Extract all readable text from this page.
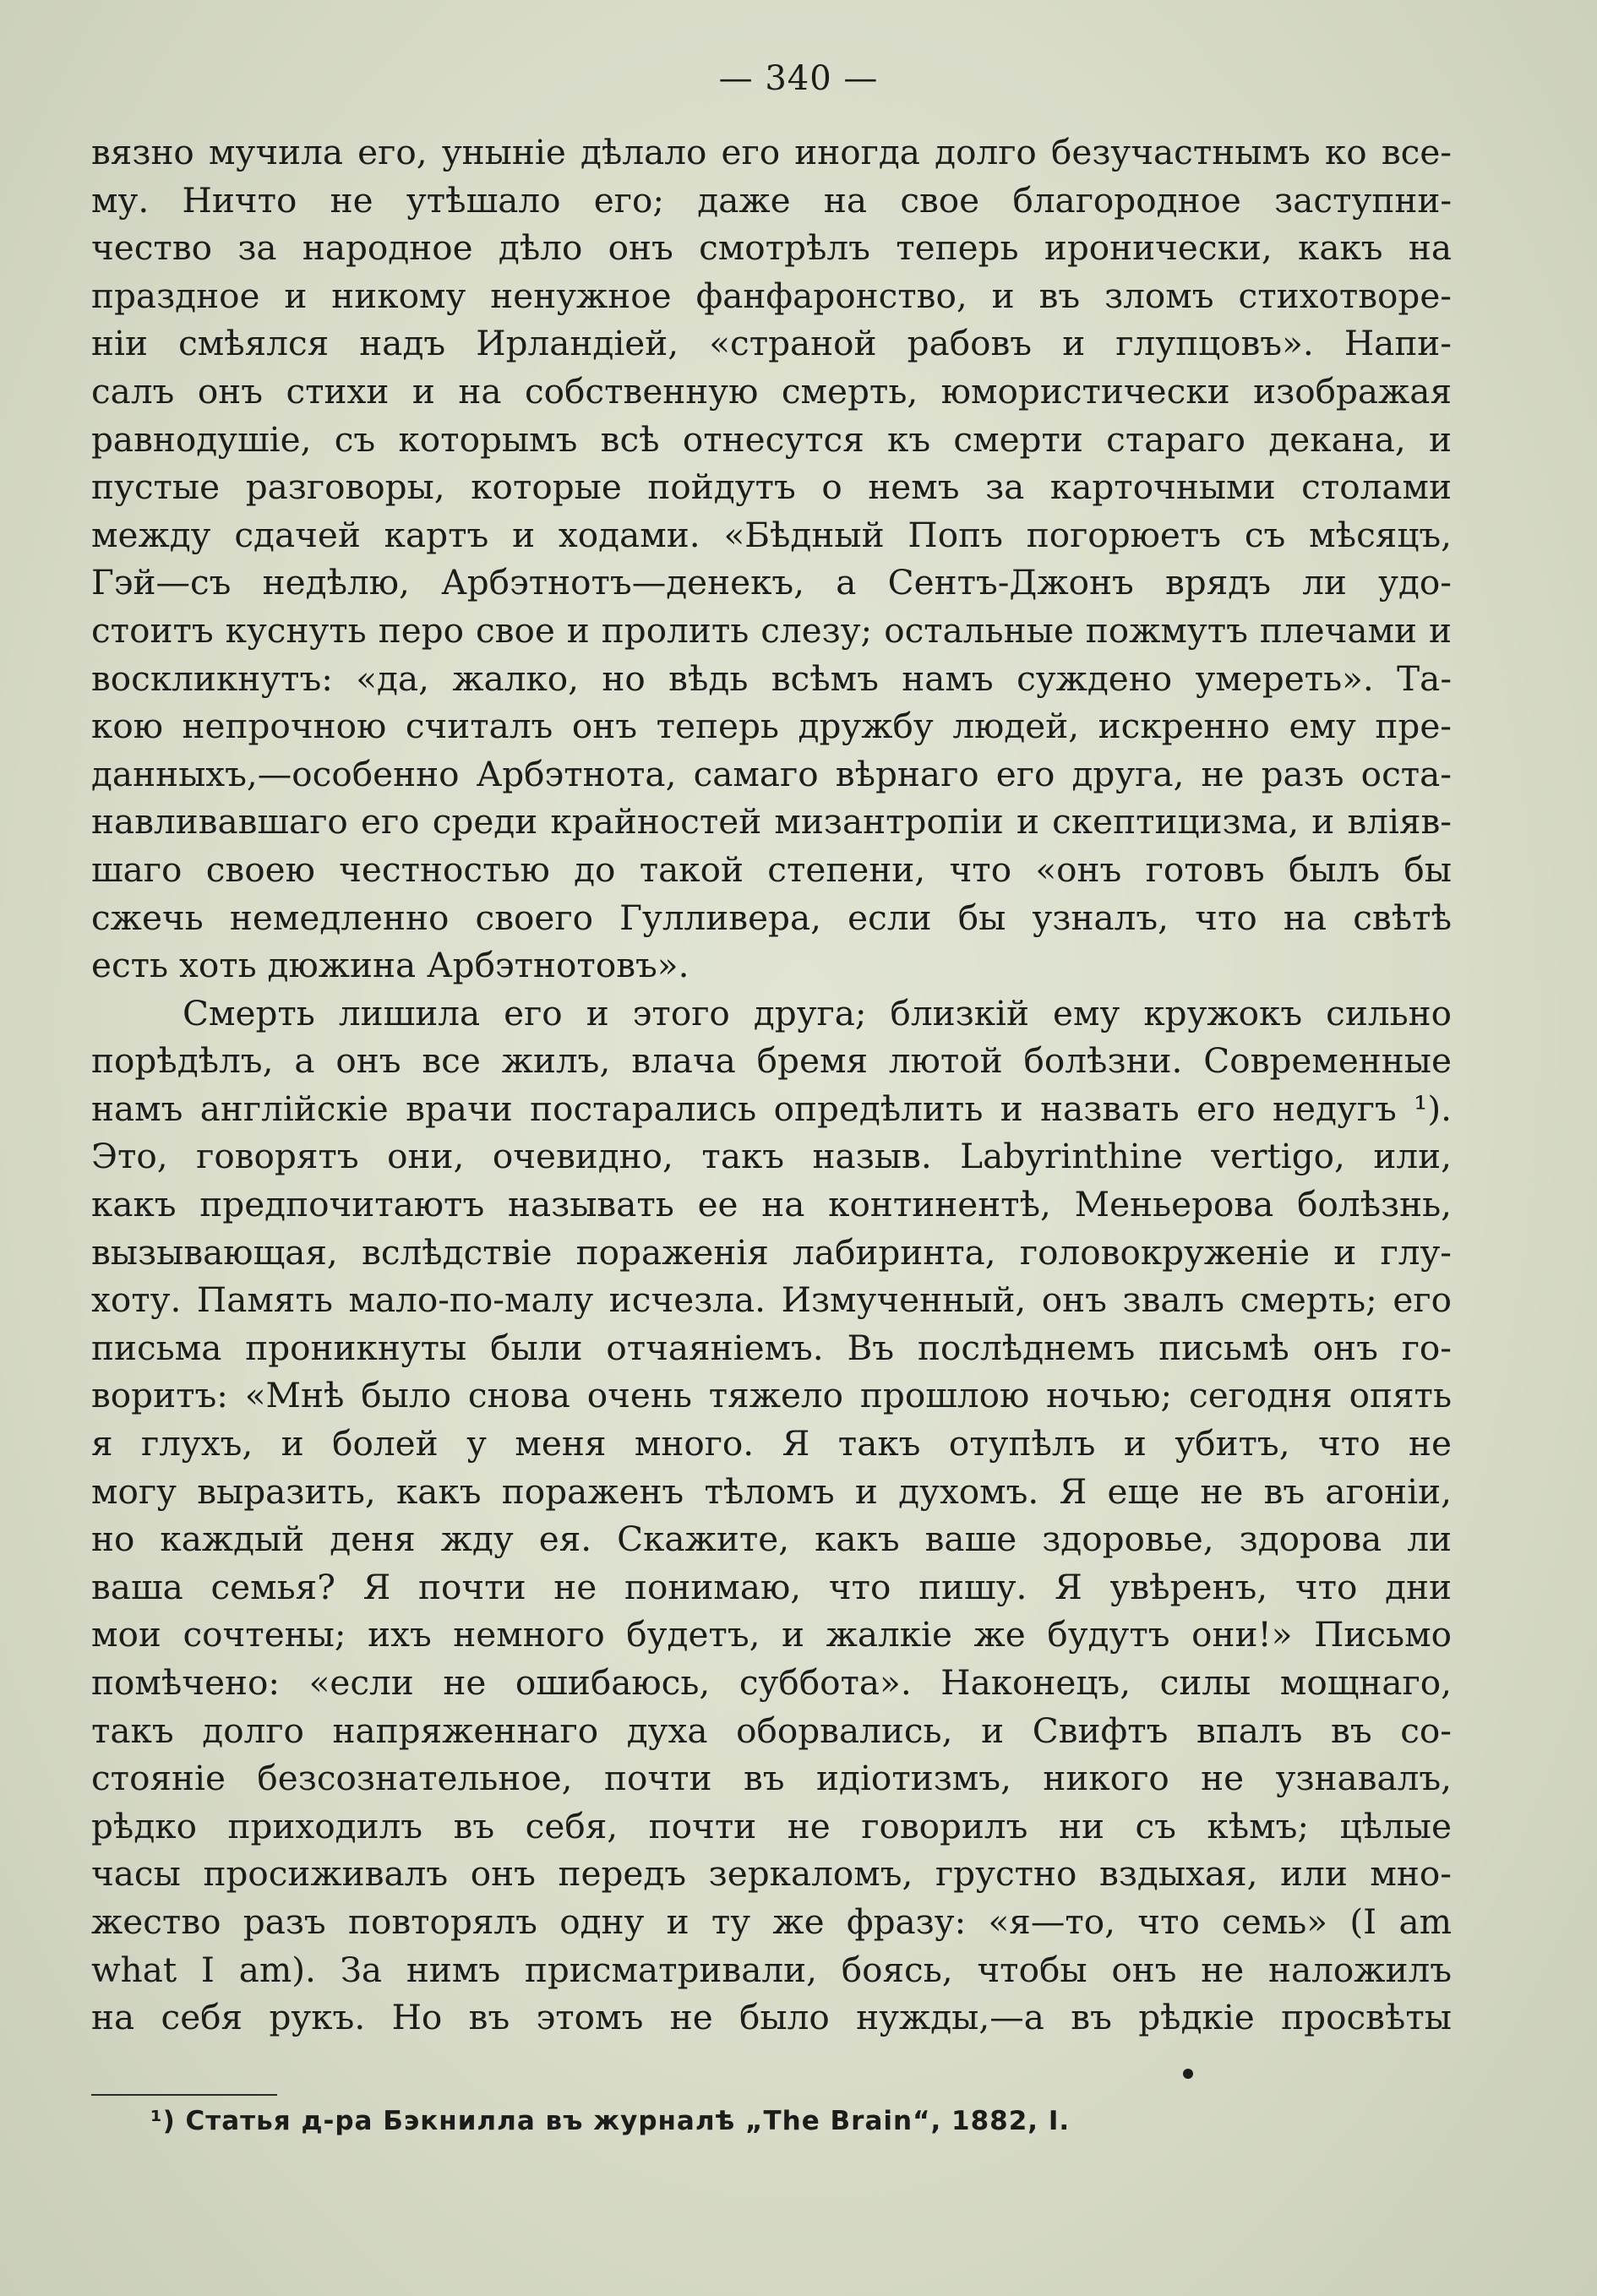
— 340 —
вязно мучила его, унынiе дѣлало его иногда долго безучастнымъ ко все-
му. Ничто не утѣшало его; даже на свое благородное заступни-
чество за народное дѣло онъ смотрѣлъ теперь иронически, какъ на
праздное и никому ненужное фанфаронство, и въ зломъ стихотворе-
нiи смѣялся надъ Ирландiей, «страной рабовъ и глупцовъ». Напи-
салъ онъ стихи и на собственную смерть, юмористически изображая
равнодушiе, съ которымъ всѣ отнесутся къ смерти стараго декана, и
пустые разговоры, которые пойдутъ о немъ за карточными столами
между сдачей картъ и ходами. «Бѣдный Попъ погорюетъ съ мѣсяцъ,
Гэй—съ недѣлю, Арбэтнотъ—денекъ, а Сентъ-Джонъ врядъ ли удо-
стоитъ куснуть перо свое и пролить слезу; остальные пожмутъ плечами и
воскликнутъ: «да, жалко, но вѣдь всѣмъ намъ суждено умереть». Та-
кою непрочною считалъ онъ теперь дружбу людей, искренно ему пре-
данныхъ,—особенно Арбэтнота, самаго вѣрнаго его друга, не разъ оста-
навливавшаго его среди крайностей мизантропiи и скептицизма, и влiяв-
шаго своею честностью до такой степени, что «онъ готовъ былъ бы
сжечь немедленно своего Гулливера, если бы узналъ, что на свѣтѣ
есть хоть дюжина Арбэтнотовъ».
Смерть лишила его и этого друга; близкiй ему кружокъ сильно
порѣдѣлъ, а онъ все жилъ, влача бремя лютой болѣзни. Современные
намъ англiйскiе врачи постарались опредѣлить и назвать его недугъ ¹).
Это, говорятъ они, очевидно, такъ назыв. Labyrinthine vertigo, или,
какъ предпочитаютъ называть ее на континентѣ, Меньерова болѣзнь,
вызывающая, вслѣдствiе пораженiя лабиринта, головокруженiе и глу-
хоту. Память мало-по-малу исчезла. Измученный, онъ звалъ смерть; его
письма проникнуты были отчаянiемъ. Въ послѣднемъ письмѣ онъ го-
воритъ: «Мнѣ было снова очень тяжело прошлою ночью; сегодня опять
я глухъ, и болей у меня много. Я такъ отупѣлъ и убитъ, что не
могу выразить, какъ пораженъ тѣломъ и духомъ. Я еще не въ агонiи,
но каждый деня жду ея. Скажите, какъ ваше здоровье, здорова ли
ваша семья? Я почти не понимаю, что пишу. Я увѣренъ, что дни
мои сочтены; ихъ немного будетъ, и жалкiе же будутъ они!» Письмо
помѣчено: «если не ошибаюсь, суббота». Наконецъ, силы мощнаго,
такъ долго напряженнаго духа оборвались, и Свифтъ впалъ въ со-
стоянiе безсознательное, почти въ идiотизмъ, никого не узнавалъ,
рѣдко приходилъ въ себя, почти не говорилъ ни съ кѣмъ; цѣлые
часы просиживалъ онъ передъ зеркаломъ, грустно вздыхая, или мно-
жество разъ повторялъ одну и ту же фразу: «я—то, что семь» (I am
what I am). За нимъ присматривали, боясь, чтобы онъ не наложилъ
на себя рукъ. Но въ этомъ не было нужды,—а въ рѣдкiе просвѣты
¹) Статья д-ра Бэкнилла въ журналѣ „The Brain“, 1882, I.
